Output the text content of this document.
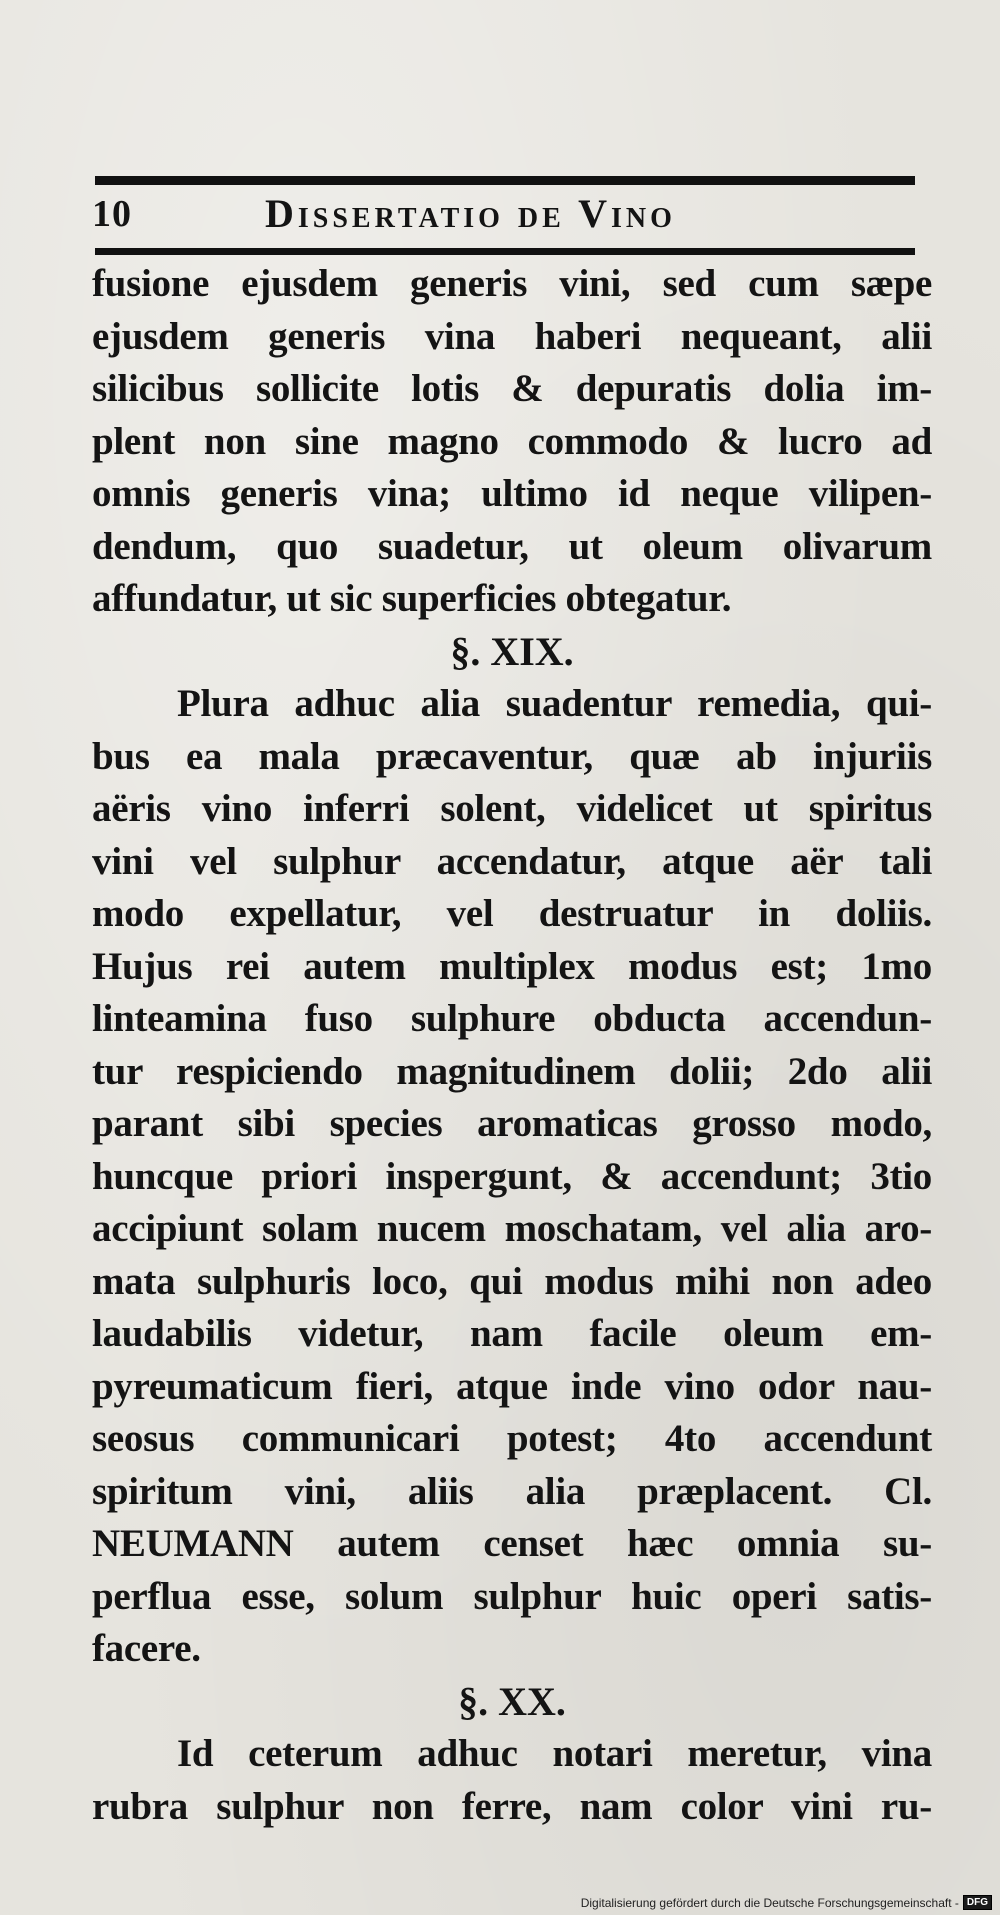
10	Dissertatio de Vino
fusione ejusdem generis vini, sed cum sæpe
ejusdem generis vina haberi nequeant, alii
silicibus sollicite lotis & depuratis dolia im-
plent non sine magno commodo & lucro ad
omnis generis vina; ultimo id neque vilipen-
dendum, quo suadetur, ut oleum olivarum
affundatur, ut sic superficies obtegatur.
§. XIX.
Plura adhuc alia suadentur remedia, qui-
bus ea mala præcaventur, quæ ab injuriis
aëris vino inferri solent, videlicet ut spiritus
vini vel sulphur accendatur, atque aër tali
modo expellatur, vel destruatur in doliis.
Hujus rei autem multiplex modus est; 1mo
linteamina fuso sulphure obducta accendun-
tur respiciendo magnitudinem dolii; 2do alii
parant sibi species aromaticas grosso modo,
huncque priori inspergunt, & accendunt; 3tio
accipiunt solam nucem moschatam, vel alia aro-
mata sulphuris loco, qui modus mihi non adeo
laudabilis videtur, nam facile oleum em-
pyreumaticum fieri, atque inde vino odor nau-
seosus communicari potest; 4to accendunt
spiritum vini, aliis alia præplacent. Cl.
NEUMANN autem censet hæc omnia su-
perflua esse, solum sulphur huic operi satis-
facere.
§. XX.
Id ceterum adhuc notari meretur, vina
rubra sulphur non ferre, nam color vini ru-
Digitalisierung gefördert durch die Deutsche Forschungsgemeinschaft - DFG
